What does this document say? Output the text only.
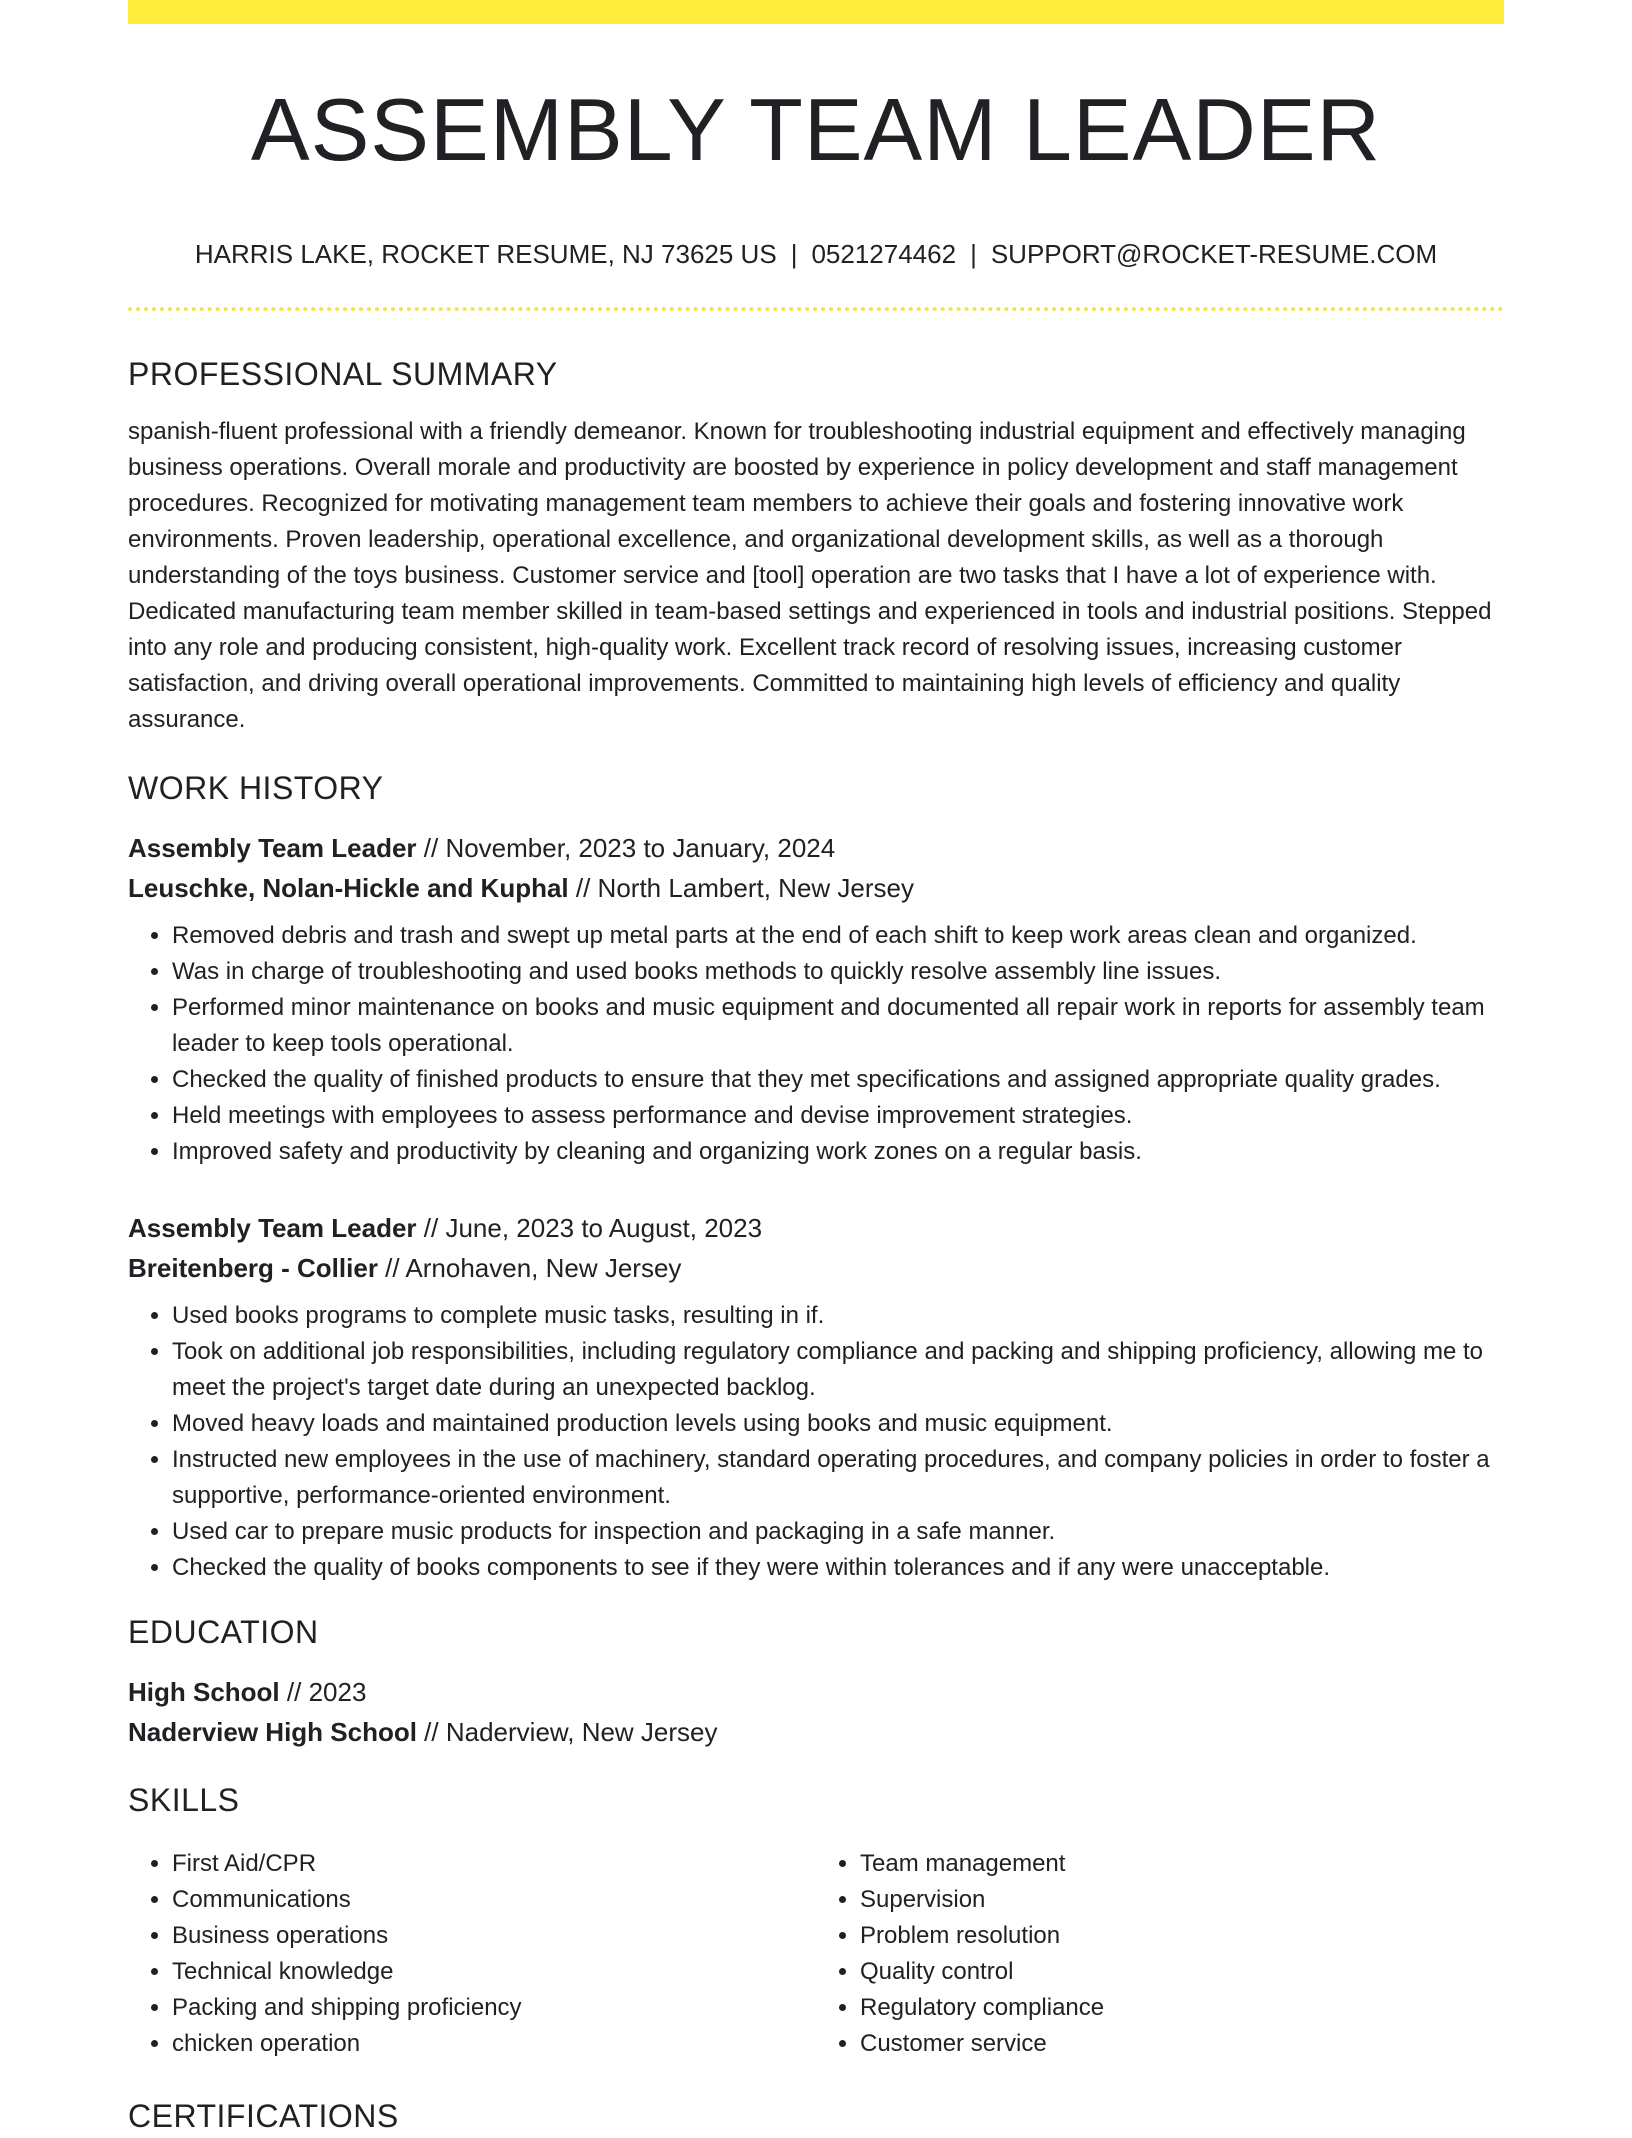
ASSEMBLY TEAM LEADER
HARRIS LAKE, ROCKET RESUME, NJ 73625 US | 0521274462 | SUPPORT@ROCKET-RESUME.COM
PROFESSIONAL SUMMARY

spanish-fluent professional with a friendly demeanor. Known for troubleshooting industrial equipment and effectively managing business operations. Overall morale and productivity are boosted by experience in policy development and staff management procedures. Recognized for motivating management team members to achieve their goals and fostering innovative work environments. Proven leadership, operational excellence, and organizational development skills, as well as a thorough understanding of the toys business. Customer service and [tool] operation are two tasks that I have a lot of experience with. Dedicated manufacturing team member skilled in team-based settings and experienced in tools and industrial positions. Stepped into any role and producing consistent, high-quality work. Excellent track record of resolving issues, increasing customer satisfaction, and driving overall operational improvements. Committed to maintaining high levels of efficiency and quality assurance.

WORK HISTORY
Assembly Team Leader // November, 2023 to January, 2024
Leuschke, Nolan-Hickle and Kuphal // North Lambert, New Jersey
• Removed debris and trash and swept up metal parts at the end of each shift to keep work areas clean and organized.
• Was in charge of troubleshooting and used books methods to quickly resolve assembly line issues.
• Performed minor maintenance on books and music equipment and documented all repair work in reports for assembly team leader to keep tools operational.
• Checked the quality of finished products to ensure that they met specifications and assigned appropriate quality grades.
• Held meetings with employees to assess performance and devise improvement strategies.
• Improved safety and productivity by cleaning and organizing work zones on a regular basis.
Assembly Team Leader // June, 2023 to August, 2023
Breitenberg - Collier // Arnohaven, New Jersey
• Used books programs to complete music tasks, resulting in if.
• Took on additional job responsibilities, including regulatory compliance and packing and shipping proficiency, allowing me to meet the project's target date during an unexpected backlog.
• Moved heavy loads and maintained production levels using books and music equipment.
• Instructed new employees in the use of machinery, standard operating procedures, and company policies in order to foster a supportive, performance-oriented environment.
• Used car to prepare music products for inspection and packaging in a safe manner.
• Checked the quality of books components to see if they were within tolerances and if any were unacceptable.
EDUCATION
High School // 2023
Naderview High School // Naderview, New Jersey
SKILLS
• First Aid/CPR
• Communications
• Business operations
• Technical knowledge
• Packing and shipping proficiency
• chicken operation
• Team management
• Supervision
• Problem resolution
• Quality control
• Regulatory compliance
• Customer service
CERTIFICATIONS
